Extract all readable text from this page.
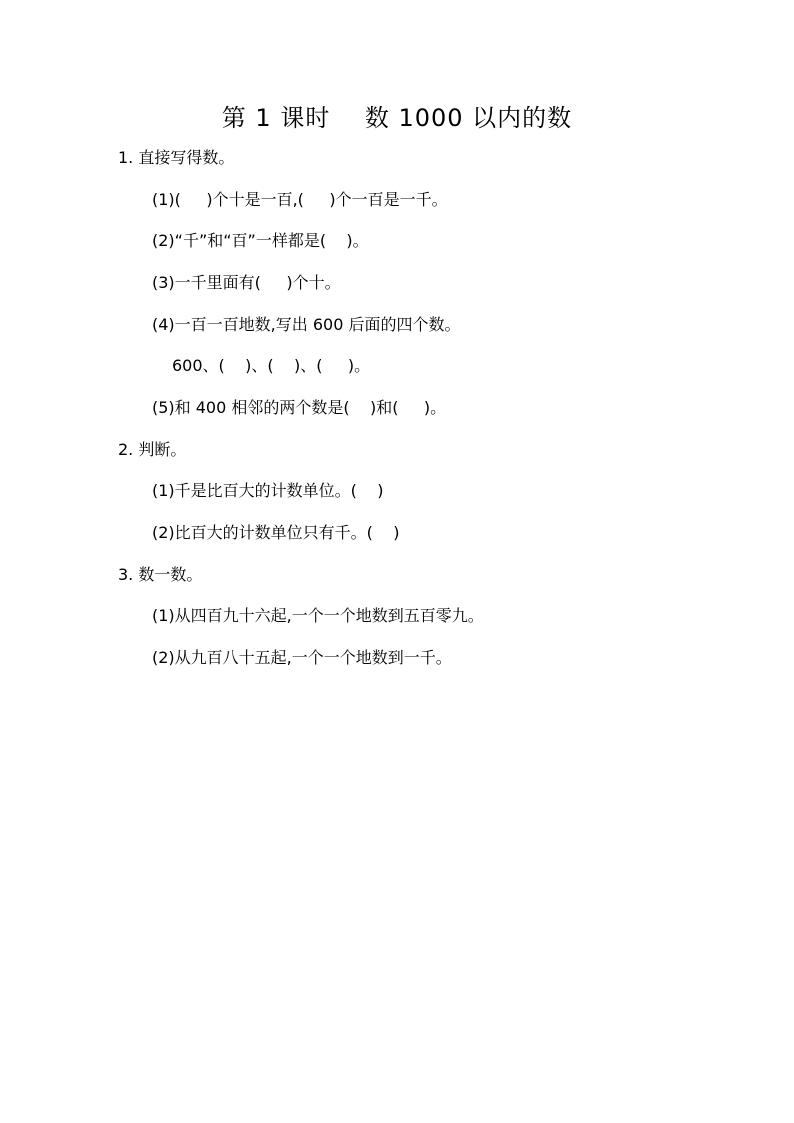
第 1 课时    数 1000 以内的数
1. 直接写得数。
(1)(     )个十是一百,(     )个一百是一千。
(2)“千”和“百”一样都是(    )。
(3)一千里面有(     )个十。
(4)一百一百地数,写出 600 后面的四个数。
600、(    )、(    )、(     )。
(5)和 400 相邻的两个数是(    )和(     )。
2. 判断。
(1)千是比百大的计数单位。(    )
(2)比百大的计数单位只有千。(    )
3. 数一数。
(1)从四百九十六起,一个一个地数到五百零九。
(2)从九百八十五起,一个一个地数到一千。
